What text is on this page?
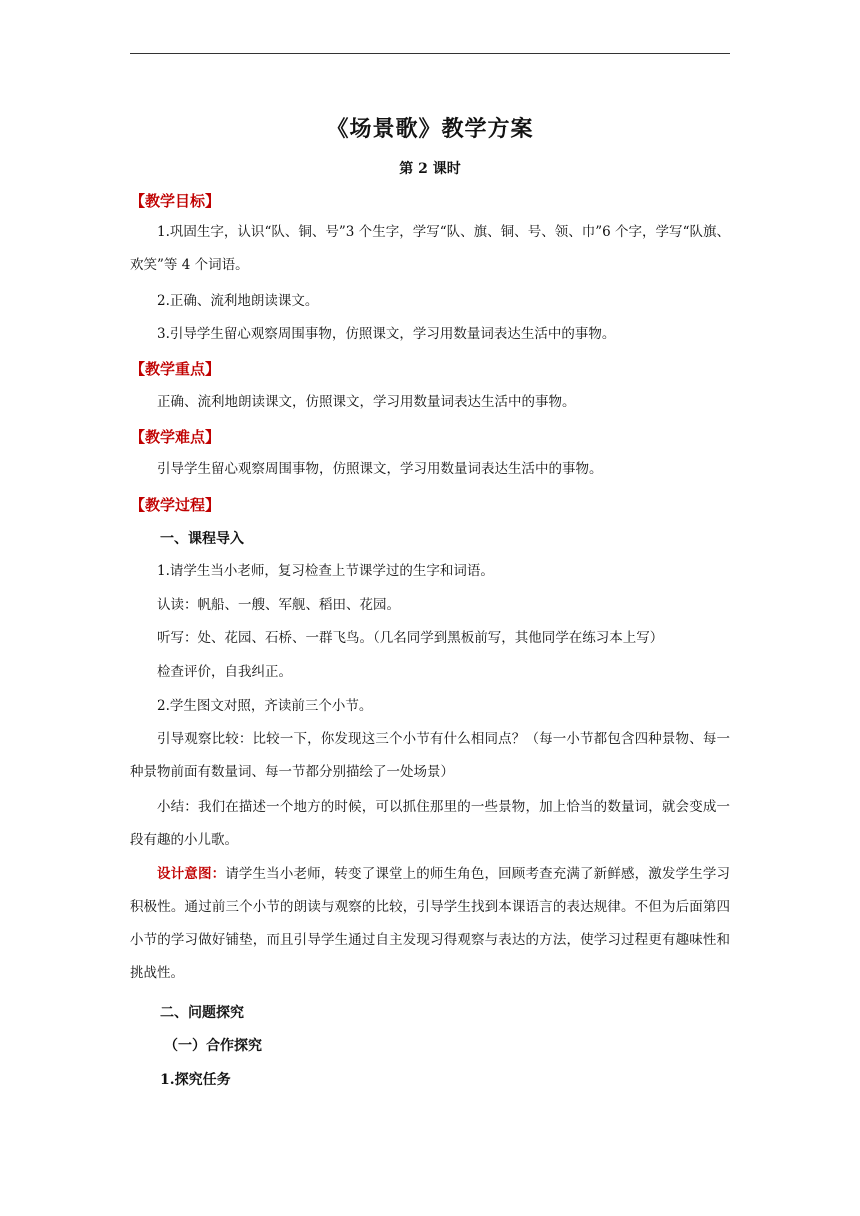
《场景歌》教学方案
第 2 课时
【教学目标】

1.巩固生字，认识“队、铜、号”3 个生字，学写“队、旗、铜、号、领、巾”6 个字，学写“队旗、欢笑”等 4 个词语。

2.正确、流利地朗读课文。

3.引导学生留心观察周围事物，仿照课文，学习用数量词表达生活中的事物。

【教学重点】

正确、流利地朗读课文，仿照课文，学习用数量词表达生活中的事物。

【教学难点】

引导学生留心观察周围事物，仿照课文，学习用数量词表达生活中的事物。

【教学过程】
一、课程导入

1.请学生当小老师，复习检查上节课学过的生字和词语。

认读：帆船、一艘、军舰、稻田、花园。

听写：处、花园、石桥、一群飞鸟。（几名同学到黑板前写，其他同学在练习本上写）

检查评价，自我纠正。

2.学生图文对照，齐读前三个小节。

引导观察比较：比较一下，你发现这三个小节有什么相同点？（每一小节都包含四种景物、每一种景物前面有数量词、每一节都分别描绘了一处场景）

小结：我们在描述一个地方的时候，可以抓住那里的一些景物，加上恰当的数量词，就会变成一段有趣的小儿歌。

设计意图：请学生当小老师，转变了课堂上的师生角色，回顾考查充满了新鲜感，激发学生学习积极性。通过前三个小节的朗读与观察的比较，引导学生找到本课语言的表达规律。不但为后面第四小节的学习做好铺垫，而且引导学生通过自主发现习得观察与表达的方法，使学习过程更有趣味性和挑战性。

二、问题探究
（一）合作探究
1.探究任务
